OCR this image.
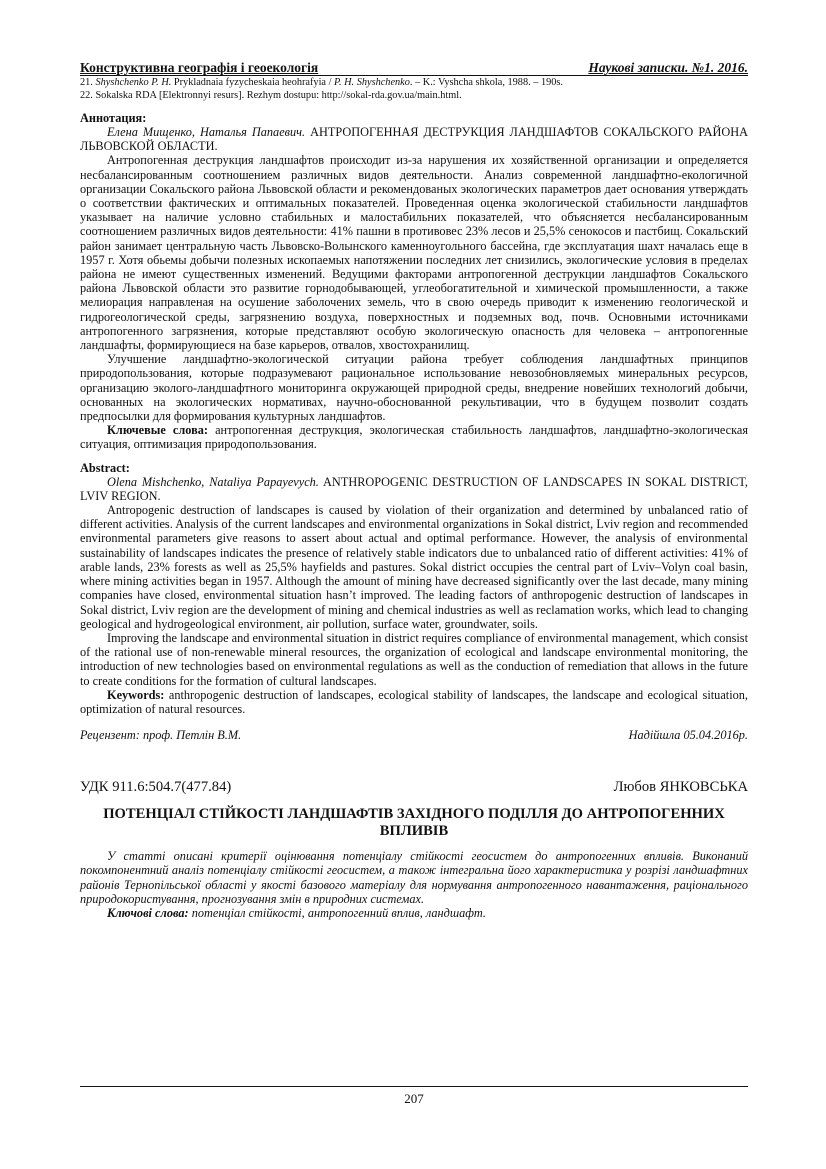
Конструктивна географія і геоекологія	Наукові записки. №1. 2016.
21. Shyshchenko P. H. Prykladnaia fyzycheskaia heohrafyia / P. H. Shyshchenko. – K.: Vyshcha shkola, 1988. – 190s.
22. Sokalska RDA [Elektronnyi resurs]. Rezhym dostupu: http://sokal-rda.gov.ua/main.html.
Аннотация:

Елена Мищенко, Наталья Папаевич. АНТРОПОГЕННАЯ ДЕСТРУКЦИЯ ЛАНДШАФТОВ СОКАЛЬСКОГО РАЙОНА ЛЬВОВСКОЙ ОБЛАСТИ.

Антропогенная деструкция ландшафтов происходит из-за нарушения их хозяйственной организации и определяется несбалансированным соотношением различных видов деятельности. Анализ современной ландшафтно-екологичной организации Сокальского района Львовской области и рекомендованых экологических параметров дает основания утверждать о соответствии фактических и оптимальных показателей. Проведенная оценка экологической стабильности ландшафтов указывает на наличие условно стабильных и малостабильних показателей, что объясняется несбалансированным соотношением различных видов деятельности: 41% пашни в противовес 23% лесов и 25,5% сенокосов и пастбищ. Сокальский район занимает центральную часть Львовско-Волынского каменноугольного бассейна, где эксплуатация шахт началась еще в 1957 г. Хотя обьемы добычи полезных ископаемых напотяжении последних лет снизились, экологические условия в пределах района не имеют существенных изменений. Ведущими факторами антропогенной деструкции ландшафтов Сокальского района Львовской области это развитие горнодобывающей, углеобогатительной и химической промышленности, а также мелиорация направленая на осушение заболочених земель, что в свою очередь приводит к изменению геологической и гидрогеологической среды, загрязнению воздуха, поверхностных и подземных вод, почв. Основными источниками антропогенного загрязнения, которые представляют особую экологическую опасность для человека – антропогенные ландшафты, формирующиеся на базе карьеров, отвалов, хвостохранилищ.

Улучшение ландшафтно-экологической ситуации района требует соблюдения ландшафтных принципов природопользования, которые подразумевают рациональное использование невозобновляемых минеральных ресурсов, организацию эколого-ландшафтного мониторинга окружающей природной среды, внедрение новейших технологий добычи, основанных на экологических нормативах, научно-обоснованной рекультивации, что в будущем позволит создать предпосылки для формирования культурных ландшафтов.

Ключевые слова: антропогенная деструкция, экологическая стабильность ландшафтов, ландшафтно-экологическая ситуация, оптимизация природопользования.

Abstract:

Olena Mishchenko, Nataliya Papayevych. ANTHROPOGENIC DESTRUCTION OF LANDSCAPES IN SOKAL DISTRICT, LVIV REGION.

Antropogenic destruction of landscapes is caused by violation of their organization and determined by unbalanced ratio of different activities. Analysis of the current landscapes and environmental organizations in Sokal district, Lviv region and recommended environmental parameters give reasons to assert about actual and optimal performance. However, the analysis of environmental sustainability of landscapes indicates the presence of relatively stable indicators due to unbalanced ratio of different activities: 41% of arable lands, 23% forests as well as 25,5% hayfields and pastures. Sokal district occupies the central part of Lviv–Volyn coal basin, where mining activities began in 1957. Although the amount of mining have decreased significantly over the last decade, many mining companies have closed, environmental situation hasn’t improved. The leading factors of anthropogenic destruction of landscapes in Sokal district, Lviv region are the development of mining and chemical industries as well as reclamation works, which lead to changing geological and hydrogeological environment, air pollution, surface water, groundwater, soils.

Improving the landscape and environmental situation in district requires compliance of environmental management, which consist of the rational use of non-renewable mineral resources, the organization of ecological and landscape environmental monitoring, the introduction of new technologies based on environmental regulations as well as the conduction of remediation that allows in the future to create conditions for the formation of cultural landscapes.

Keywords: anthropogenic destruction of landscapes, ecological stability of landscapes, the landscape and ecological situation, optimization of natural resources.

Рецензент: проф. Петлін В.М.	Надійшла 05.04.2016р.
УДК 911.6:504.7(477.84)	Любов ЯНКОВСЬКА
ПОТЕНЦІАЛ СТІЙКОСТІ ЛАНДШАФТІВ ЗАХІДНОГО ПОДІЛЛЯ ДО АНТРОПОГЕННИХ ВПЛИВІВ
У статті описані критерії оцінювання потенціалу стійкості геосистем до антропогенних впливів. Виконаний покомпонентний аналіз потенціалу стійкості геосистем, а також інтегральна його характеристика у розрізі ландшафтних районів Тернопільської області у якості базового матеріалу для нормування антропогенного навантаження, раціонального природокористування, прогнозування змін в природних системах.

Ключові слова: потенціал стійкості, антропогенний вплив, ландшафт.

207
